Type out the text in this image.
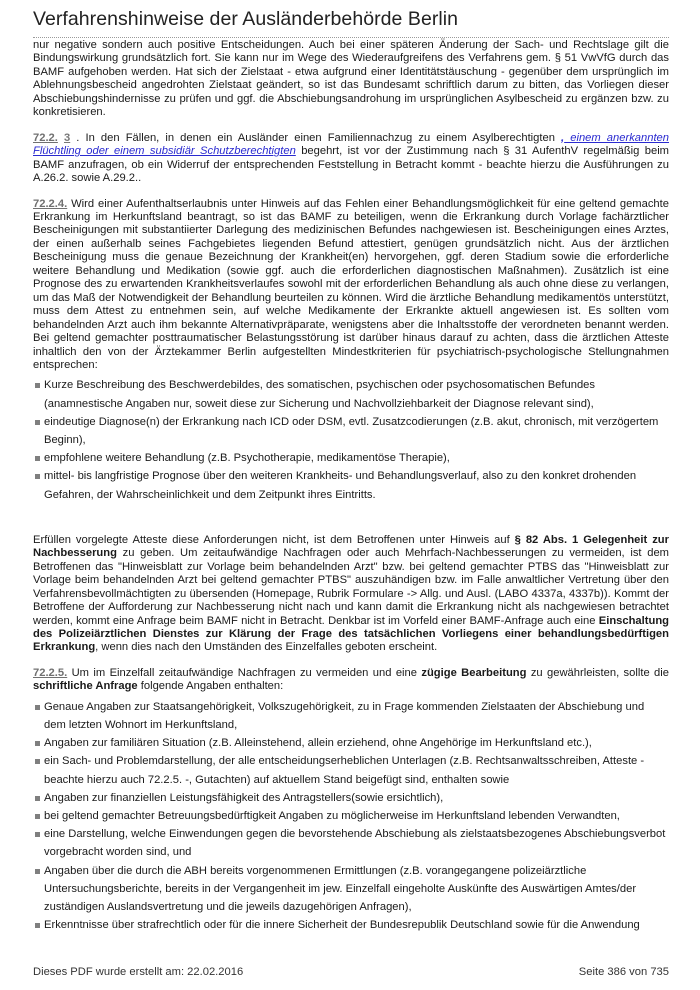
Verfahrenshinweise der Ausländerbehörde Berlin

nur negative sondern auch positive Entscheidungen. Auch bei einer späteren Änderung der Sach- und Rechtslage gilt die Bindungswirkung grundsätzlich fort. Sie kann nur im Wege des Wiederaufgreifens des Verfahrens gem. § 51 VwVfG durch das BAMF aufgehoben werden. Hat sich der Zielstaat - etwa aufgrund einer Identitätstäuschung - gegenüber dem ursprünglich im Ablehnungsbescheid angedrohten Zielstaat geändert, so ist das Bundesamt schriftlich darum zu bitten, das Vorliegen dieser Abschiebungshindernisse zu prüfen und ggf. die Abschiebungsandrohung im ursprünglichen Asylbescheid zu ergänzen bzw. zu konkretisieren.

72.2. 3 . In den Fällen, in denen ein Ausländer einen Familiennachzug zu einem Asylberechtigten , einem anerkannten Flüchtling oder einem subsidiär Schutzberechtigten begehrt, ist vor der Zustimmung nach § 31 AufenthV regelmäßig beim BAMF anzufragen, ob ein Widerruf der entsprechenden Feststellung in Betracht kommt - beachte hierzu die Ausführungen zu A.26.2. sowie A.29.2..

72.2.4. Wird einer Aufenthaltserlaubnis unter Hinweis auf das Fehlen einer Behandlungsmöglichkeit für eine geltend gemachte Erkrankung im Herkunftsland beantragt, so ist das BAMF zu beteiligen, wenn die Erkrankung durch Vorlage fachärztlicher Bescheinigungen mit substantiierter Darlegung des medizinischen Befundes nachgewiesen ist. Bescheinigungen eines Arztes, der einen außerhalb seines Fachgebietes liegenden Befund attestiert, genügen grundsätzlich nicht. Aus der ärztlichen Bescheinigung muss die genaue Bezeichnung der Krankheit(en) hervorgehen, ggf. deren Stadium sowie die erforderliche weitere Behandlung und Medikation (sowie ggf. auch die erforderlichen diagnostischen Maßnahmen). Zusätzlich ist eine Prognose des zu erwartenden Krankheitsverlaufes sowohl mit der erforderlichen Behandlung als auch ohne diese zu verlangen, um das Maß der Notwendigkeit der Behandlung beurteilen zu können. Wird die ärztliche Behandlung medikamentös unterstützt, muss dem Attest zu entnehmen sein, auf welche Medikamente der Erkrankte aktuell angewiesen ist. Es sollten vom behandelnden Arzt auch ihm bekannte Alternativpräparate, wenigstens aber die Inhaltsstoffe der verordneten benannt werden. Bei geltend gemachter posttraumatischer Belastungsstörung ist darüber hinaus darauf zu achten, dass die ärztlichen Atteste inhaltlich den von der Ärztekammer Berlin aufgestellten Mindestkriterien für psychiatrisch-psychologische Stellungnahmen entsprechen:

Kurze Beschreibung des Beschwerdebildes, des somatischen, psychischen oder psychosomatischen Befundes (anamnestische Angaben nur, soweit diese zur Sicherung und Nachvollziehbarkeit der Diagnose relevant sind),
eindeutige Diagnose(n) der Erkrankung nach ICD oder DSM, evtl. Zusatzcodierungen (z.B. akut, chronisch, mit verzögertem Beginn),
empfohlene weitere Behandlung (z.B. Psychotherapie, medikamentöse Therapie),
mittel- bis langfristige Prognose über den weiteren Krankheits- und Behandlungsverlauf, also zu den konkret drohenden Gefahren, der Wahrscheinlichkeit und dem Zeitpunkt ihres Eintritts.

Erfüllen vorgelegte Atteste diese Anforderungen nicht, ist dem Betroffenen unter Hinweis auf § 82 Abs. 1 Gelegenheit zur Nachbesserung zu geben. Um zeitaufwändige Nachfragen oder auch Mehrfach-Nachbesserungen zu vermeiden, ist dem Betroffenen das "Hinweisblatt zur Vorlage beim behandelnden Arzt" bzw. bei geltend gemachter PTBS das "Hinweisblatt zur Vorlage beim behandelnden Arzt bei geltend gemachter PTBS" auszuhändigen bzw. im Falle anwaltlicher Vertretung über den Verfahrensbevollmächtigten zu übersenden (Homepage, Rubrik Formulare -> Allg. und Ausl. (LABO 4337a, 4337b)). Kommt der Betroffene der Aufforderung zur Nachbesserung nicht nach und kann damit die Erkrankung nicht als nachgewiesen betrachtet werden, kommt eine Anfrage beim BAMF nicht in Betracht. Denkbar ist im Vorfeld einer BAMF-Anfrage auch eine Einschaltung des Polizeiärztlichen Dienstes zur Klärung der Frage des tatsächlichen Vorliegens einer behandlungsbedürftigen Erkrankung, wenn dies nach den Umständen des Einzelfalles geboten erscheint.

72.2.5. Um im Einzelfall zeitaufwändige Nachfragen zu vermeiden und eine zügige Bearbeitung zu gewährleisten, sollte die schriftliche Anfrage folgende Angaben enthalten:

Genaue Angaben zur Staatsangehörigkeit, Volkszugehörigkeit, zu in Frage kommenden Zielstaaten der Abschiebung und dem letzten Wohnort im Herkunftsland,
Angaben zur familiären Situation (z.B. Alleinstehend, allein erziehend, ohne Angehörige im Herkunftsland etc.),
ein Sach- und Problemdarstellung, der alle entscheidungserheblichen Unterlagen (z.B. Rechtsanwaltsschreiben, Atteste - beachte hierzu auch 72.2.5. -, Gutachten) auf aktuellem Stand beigefügt sind, enthalten sowie
Angaben zur finanziellen Leistungsfähigkeit des Antragstellers(sowie ersichtlich),
bei geltend gemachter Betreuungsbedürftigkeit Angaben zu möglicherweise im Herkunftsland lebenden Verwandten,
eine Darstellung, welche Einwendungen gegen die bevorstehende Abschiebung als zielstaatsbezogenes Abschiebungsverbot vorgebracht worden sind, und
Angaben über die durch die ABH bereits vorgenommenen Ermittlungen (z.B. vorangegangene polizeiärztliche Untersuchungsberichte, bereits in der Vergangenheit im jew. Einzelfall eingeholte Auskünfte des Auswärtigen Amtes/der zuständigen Auslandsvertretung und die jeweils dazugehörigen Anfragen),
Erkenntnisse über strafrechtlich oder für die innere Sicherheit der Bundesrepublik Deutschland sowie für die Anwendung
Dieses PDF wurde erstellt am: 22.02.2016	Seite 386 von 735
